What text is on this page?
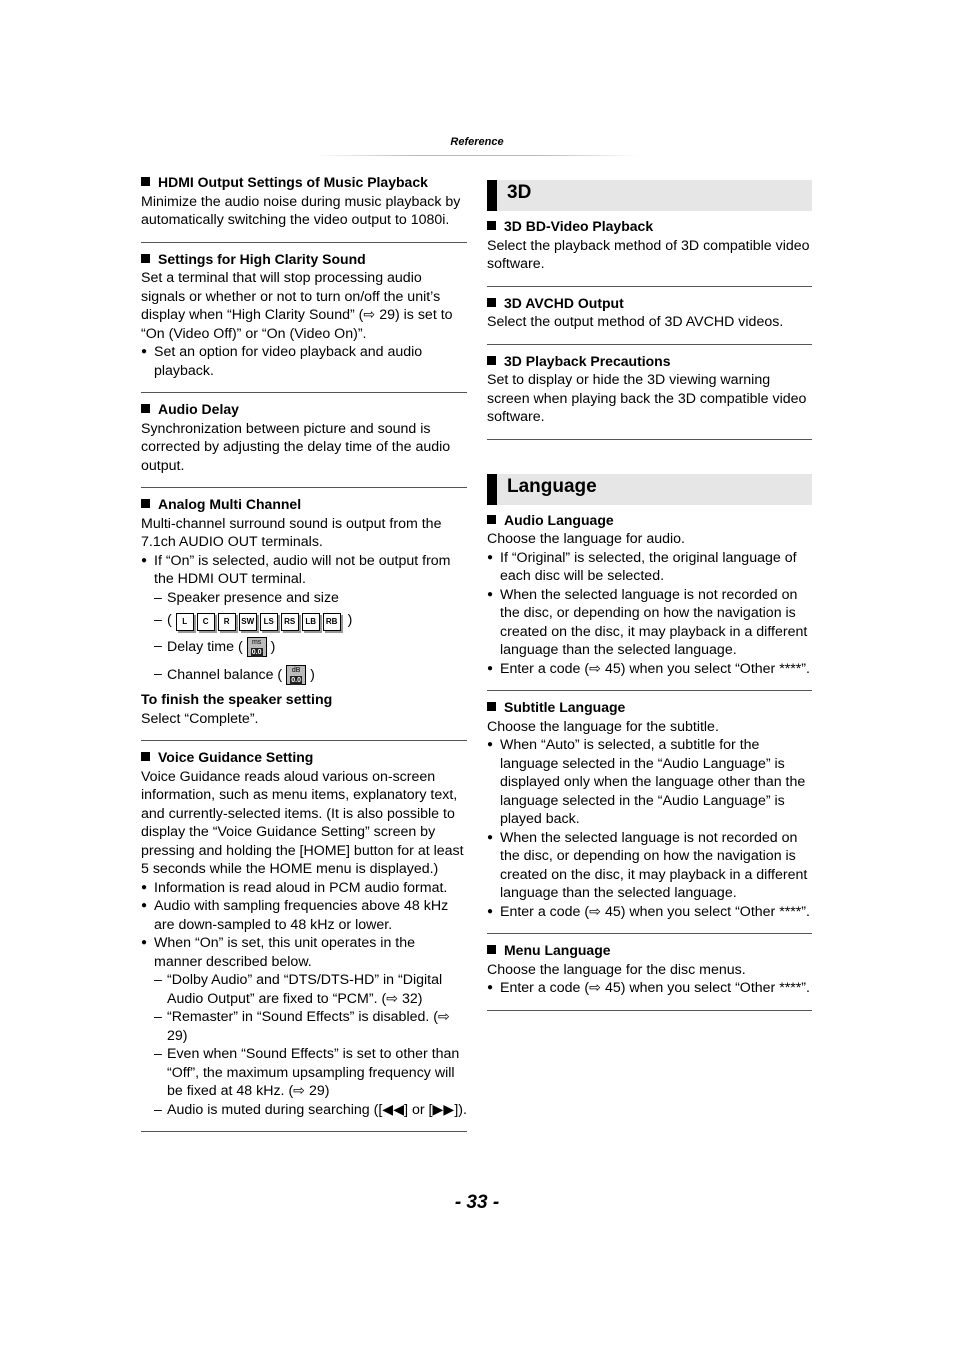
Reference
HDMI Output Settings of Music Playback

Minimize the audio noise during music playback by automatically switching the video output to 1080i.

Settings for High Clarity Sound

Set a terminal that will stop processing audio signals or whether or not to turn on/off the unit’s display when “High Clarity Sound” (⇨ 29) is set to “On (Video Off)” or “On (Video On)”.

● Set an option for video playback and audio playback.

Audio Delay

Synchronization between picture and sound is corrected by adjusting the delay time of the audio output.

Analog Multi Channel

Multi-channel surround sound is output from the 7.1ch AUDIO OUT terminals.

● If “On” is selected, audio will not be output from the HDMI OUT terminal.

– Speaker presence and size

– ( L C R SW LS RS LB RB )

– Delay time ( ms
0.0 )

– Channel balance ( dB
0.0 )

To finish the speaker setting

Select “Complete”.

Voice Guidance Setting

Voice Guidance reads aloud various on-screen information, such as menu items, explanatory text, and currently-selected items. (It is also possible to display the “Voice Guidance Setting” screen by pressing and holding the [HOME] button for at least 5 seconds while the HOME menu is displayed.)

● Information is read aloud in PCM audio format.

● Audio with sampling frequencies above 48 kHz are down-sampled to 48 kHz or lower.

● When “On” is set, this unit operates in the manner described below.

– “Dolby Audio” and “DTS/DTS-HD” in “Digital Audio Output” are fixed to “PCM”. (⇨ 32)

– “Remaster” in “Sound Effects” is disabled. (⇨ 29)

– Even when “Sound Effects” is set to other than “Off”, the maximum upsampling frequency will be fixed at 48 kHz. (⇨ 29)

– Audio is muted during searching ([◀◀] or [▶▶]).

3D
3D BD-Video Playback

Select the playback method of 3D compatible video software.

3D AVCHD Output

Select the output method of 3D AVCHD videos.

3D Playback Precautions

Set to display or hide the 3D viewing warning screen when playing back the 3D compatible video software.

Language
Audio Language

Choose the language for audio.

● If “Original” is selected, the original language of each disc will be selected.

● When the selected language is not recorded on the disc, or depending on how the navigation is created on the disc, it may playback in a different language than the selected language.

● Enter a code (⇨ 45) when you select “Other ****”.

Subtitle Language

Choose the language for the subtitle.

● When “Auto” is selected, a subtitle for the language selected in the “Audio Language” is displayed only when the language other than the language selected in the “Audio Language” is played back.

● When the selected language is not recorded on the disc, or depending on how the navigation is created on the disc, it may playback in a different language than the selected language.

● Enter a code (⇨ 45) when you select “Other ****”.

Menu Language

Choose the language for the disc menus.

● Enter a code (⇨ 45) when you select “Other ****”.

- 33 -
